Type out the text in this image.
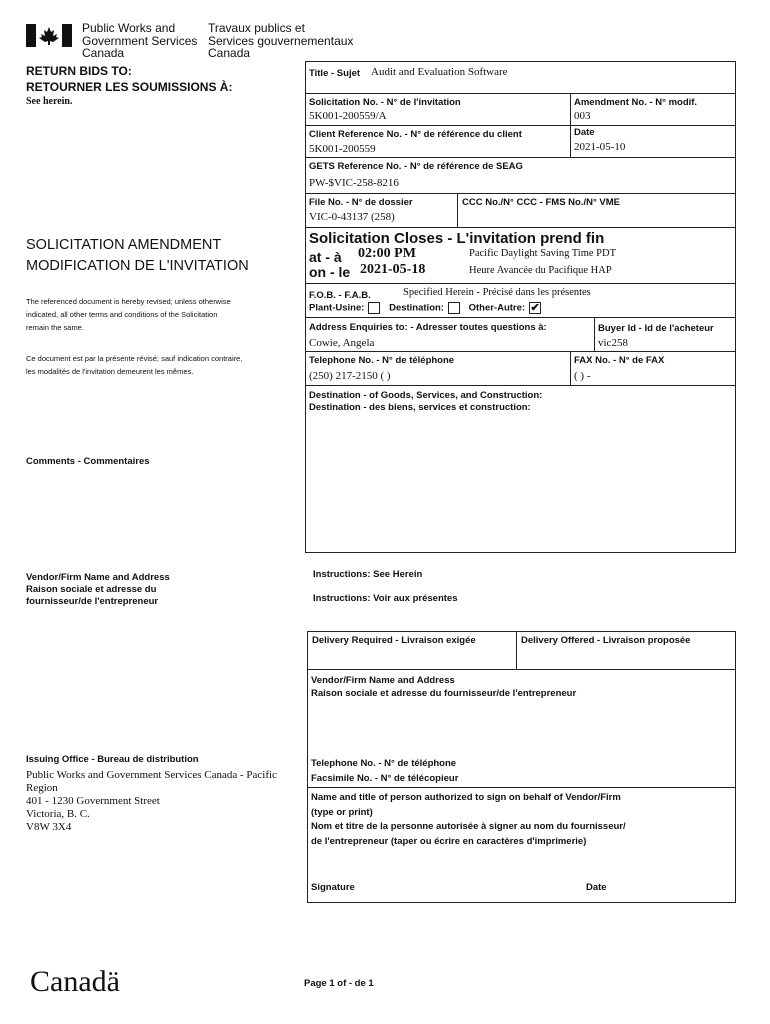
Public Works and
Government Services
Canada
Travaux publics et
Services gouvernementaux
Canada
RETURN BIDS TO:
RETOURNER LES SOUMISSIONS À:
See herein.
SOLICITATION AMENDMENT
MODIFICATION DE L'INVITATION
The referenced document is hereby revised; unless otherwise
indicated, all other terms and conditions of the Solicitation
remain the same.
Ce document est par la présente révisé; sauf indication contraire,
les modalités de l'invitation demeurent les mêmes.
Comments - Commentaires
Vendor/Firm Name and Address
Raison sociale et adresse du
fournisseur/de l'entrepreneur
Issuing Office - Bureau de distribution
Public Works and Government Services Canada - Pacific
Region
401 - 1230 Government Street
Victoria, B. C.
V8W 3X4
Title - Sujet Audit and Evaluation Software
Solicitation No. - N° de l'invitation
5K001-200559/A
Amendment No. - N° modif.
003
Client Reference No. - N° de référence du client
5K001-200559
Date
2021-05-10
GETS Reference No. - N° de référence de SEAG
PW-$VIC-258-8216
File No. - N° de dossier
VIC-0-43137 (258)
CCC No./N° CCC - FMS No./N° VME
Solicitation Closes - L'invitation prend fin
at - à 02:00 PM
on - le 2021-05-18
Pacific Daylight Saving Time PDT
Heure Avancée du Pacifique HAP
F.O.B. - F.A.B.	Specified Herein - Précisé dans les présentes
Plant-Usine:	Destination:	Other-Autre: ✔
Address Enquiries to: - Adresser toutes questions à:
Cowie, Angela
Buyer Id - Id de l'acheteur
vic258
Telephone No. - N° de téléphone
(250) 217-2150 ( )
FAX No. - N° de FAX
( ) -
Destination - of Goods, Services, and Construction:
Destination - des biens, services et construction:
Instructions: See Herein
Instructions: Voir aux présentes
Delivery Required - Livraison exigée	Delivery Offered - Livraison proposée
Vendor/Firm Name and Address
Raison sociale et adresse du fournisseur/de l'entrepreneur
Telephone No. - N° de téléphone
Facsimile No. - N° de télécopieur
Name and title of person authorized to sign on behalf of Vendor/Firm
(type or print)
Nom et titre de la personne autorisée à signer au nom du fournisseur/
de l'entrepreneur (taper ou écrire en caractères d'imprimerie)
Signature	Date
Canadä	Page 1 of - de 1
